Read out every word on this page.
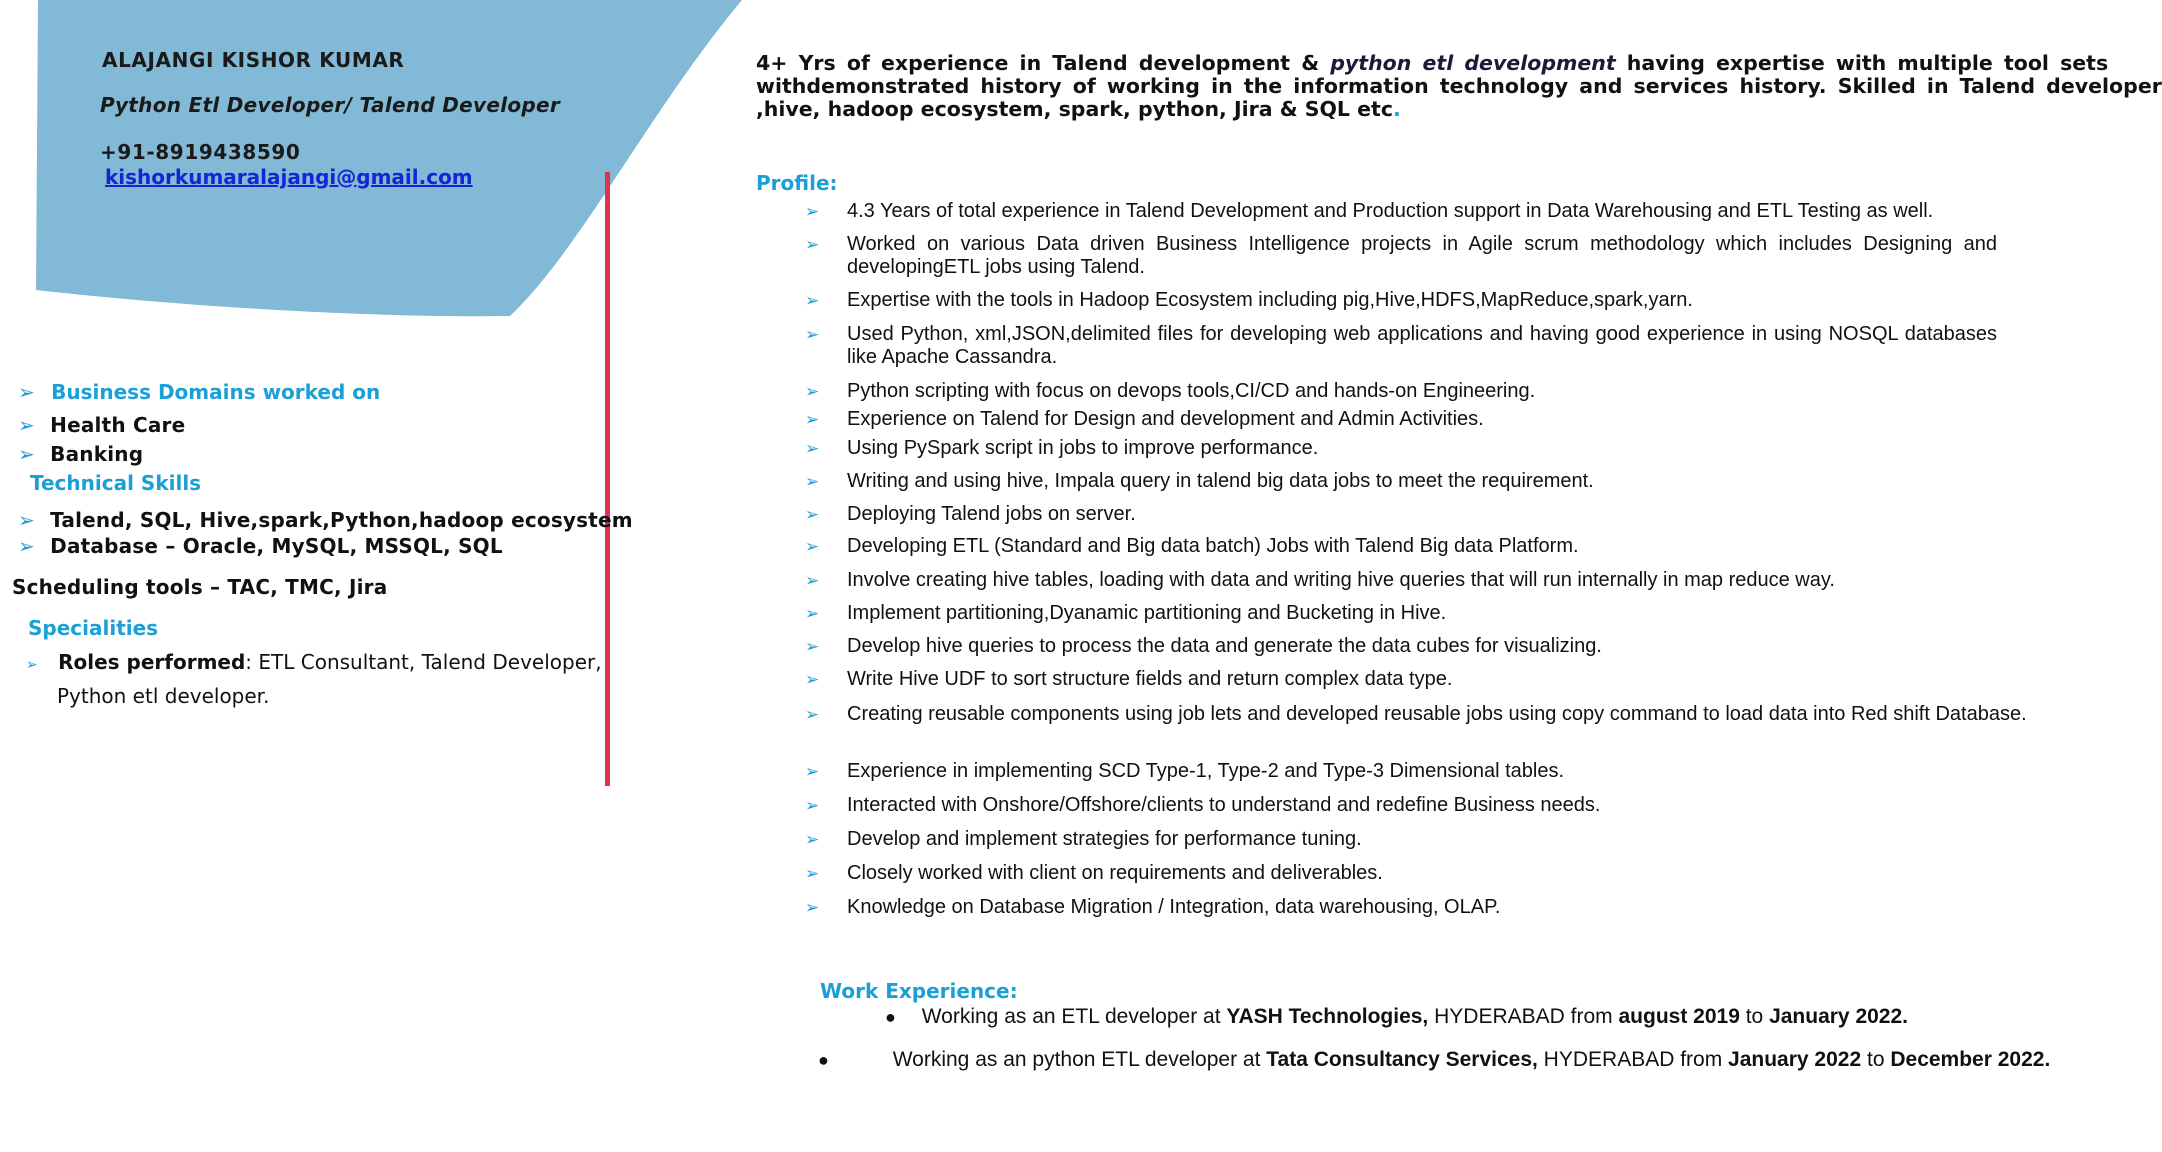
ALAJANGI KISHOR KUMAR
Python Etl Developer/ Talend Developer
+91-8919438590
kishorkumaralajangi@gmail.com
➢ Business Domains worked on
➢ Health Care
➢ Banking
Technical Skills
➢ Talend, SQL, Hive,spark,Python,hadoop ecosystem
➢ Database – Oracle, MySQL, MSSQL, SQL
Scheduling tools – TAC, TMC, Jira
Specialities
➢ Roles performed: ETL Consultant, Talend Developer,
Python etl developer.
4+ Yrs of experience in Talend development & python etl development having expertise with multiple tool sets
withdemonstrated history of working in the information technology and services history. Skilled in Talend developer
,hive, hadoop ecosystem, spark, python, Jira & SQL etc.
Profile:
➢ 4.3 Years of total experience in Talend Development and Production support in Data Warehousing and ETL Testing as well.
➢ Worked on various Data driven Business Intelligence projects in Agile scrum methodology which includes Designing and developingETL jobs using Talend.
➢ Expertise with the tools in Hadoop Ecosystem including pig,Hive,HDFS,MapReduce,spark,yarn.
➢ Used Python, xml,JSON,delimited files for developing web applications and having good experience in using NOSQL databases like Apache Cassandra.
➢ Python scripting with focus on devops tools,CI/CD and hands-on Engineering.
➢ Experience on Talend for Design and development and Admin Activities.
➢ Using PySpark script in jobs to improve performance.
➢ Writing and using hive, Impala query in talend big data jobs to meet the requirement.
➢ Deploying Talend jobs on server.
➢ Developing ETL (Standard and Big data batch) Jobs with Talend Big data Platform.
➢ Involve creating hive tables, loading with data and writing hive queries that will run internally in map reduce way.
➢ Implement partitioning,Dyanamic partitioning and Bucketing in Hive.
➢ Develop hive queries to process the data and generate the data cubes for visualizing.
➢ Write Hive UDF to sort structure fields and return complex data type.
➢ Creating reusable components using job lets and developed reusable jobs using copy command to load data into Red shift Database.
➢ Experience in implementing SCD Type-1, Type-2 and Type-3 Dimensional tables.
➢ Interacted with Onshore/Offshore/clients to understand and redefine Business needs.
➢ Develop and implement strategies for performance tuning.
➢ Closely worked with client on requirements and deliverables.
➢ Knowledge on Database Migration / Integration, data warehousing, OLAP.
Work Experience:
● Working as an ETL developer at YASH Technologies, HYDERABAD from august 2019 to January 2022.
●	Working as an python ETL developer at Tata Consultancy Services, HYDERABAD from January 2022 to December 2022.
